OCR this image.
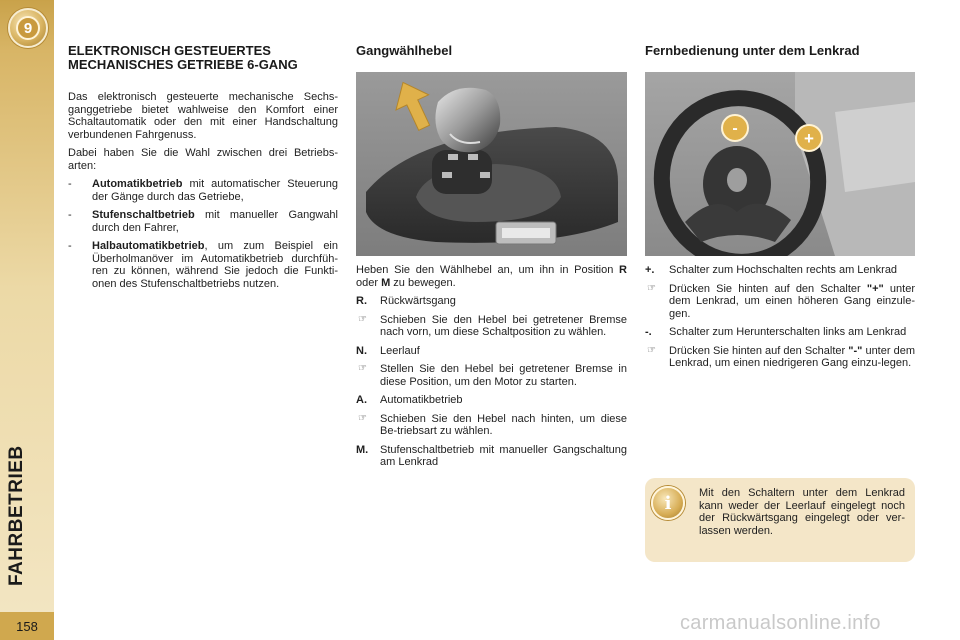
9
FAHRBETRIEB
158
ELEKTRONISCH GESTEUERTES MECHANISCHES GETRIEBE 6-GANG

Das elektronisch gesteuerte mechanische Sechs-ganggetriebe bietet wahlweise den Komfort einer Schaltautomatik oder den mit einer Handschaltung verbundenen Fahrgenuss.

Dabei haben Sie die Wahl zwischen drei Betriebs-arten:

-	Automatikbetrieb mit automatischer Steuerung der Gänge durch das Getriebe,
-	Stufenschaltbetrieb mit manueller Gangwahl durch den Fahrer,
-	Halbautomatikbetrieb, um zum Beispiel ein Überholmanöver im Automatikbetrieb durchfüh-ren zu können, während Sie jedoch die Funkti-onen des Stufenschaltbetriebs nutzen.
Gangwählhebel
Heben Sie den Wählhebel an, um ihn in Position R oder M zu bewegen.
R.	Rückwärtsgang
☞	Schieben Sie den Hebel bei getretener Bremse nach vorn, um diese Schaltposition zu wählen.
N.	Leerlauf
☞	Stellen Sie den Hebel bei getretener Bremse in diese Position, um den Motor zu starten.
A.	Automatikbetrieb
☞	Schieben Sie den Hebel nach hinten, um diese Be-triebsart zu wählen.
M.	Stufenschaltbetrieb mit manueller Gangschaltung am Lenkrad
Fernbedienung unter dem Lenkrad
-
+
+.	Schalter zum Hochschalten rechts am Lenkrad
☞	Drücken Sie hinten auf den Schalter "+" unter dem Lenkrad, um einen höheren Gang einzule-gen.
-.	Schalter zum Herunterschalten links am Lenkrad
☞	Drücken Sie hinten auf den Schalter "-" unter dem Lenkrad, um einen niedrigeren Gang einzu-legen.
i	Mit den Schaltern unter dem Lenkrad kann weder der Leerlauf eingelegt noch der Rückwärtsgang eingelegt oder ver-lassen werden.
carmanualsonline.info
